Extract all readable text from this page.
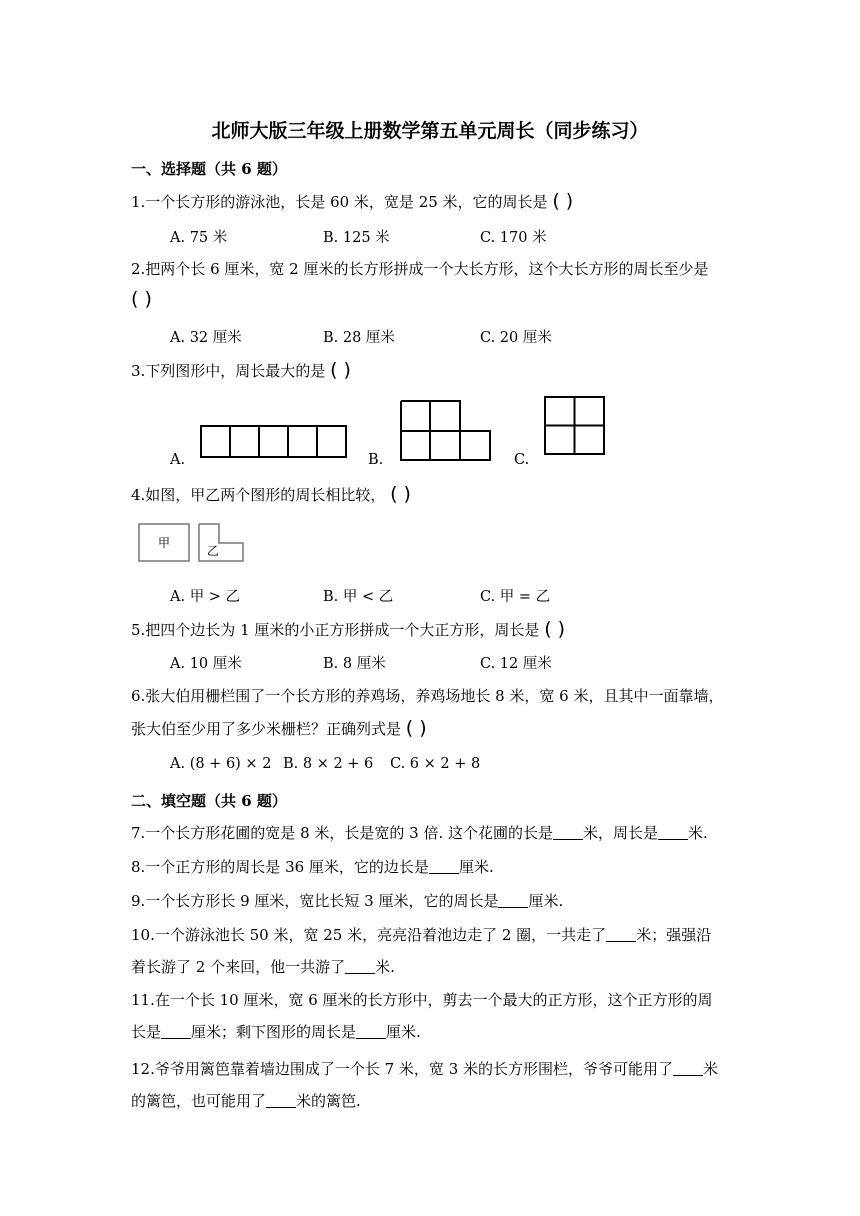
北师大版三年级上册数学第五单元周长（同步练习）
一、选择题（共 6 题）
1.一个长方形的游泳池，长是 60 米，宽是 25 米，它的周长是 ( )
A. 75 米	B. 125 米	C. 170 米
2.把两个长 6 厘米，宽 2 厘米的长方形拼成一个大长方形，这个大长方形的周长至少是
( )
A. 32 厘米	B. 28 厘米	C. 20 厘米
3.下列图形中，周长最大的是 ( )
A.	B.	C.
4.如图，甲乙两个图形的周长相比较， ( )
甲
乙
A. 甲 > 乙	B. 甲 < 乙	C. 甲 = 乙
5.把四个边长为 1 厘米的小正方形拼成一个大正方形，周长是 ( )
A. 10 厘米	B. 8 厘米	C. 12 厘米
6.张大伯用栅栏围了一个长方形的养鸡场，养鸡场地长 8 米，宽 6 米，且其中一面靠墙，
张大伯至少用了多少米栅栏？正确列式是 ( )
A. (8 + 6) × 2 B. 8 × 2 + 6 C. 6 × 2 + 8
二、填空题（共 6 题）
7.一个长方形花圃的宽是 8 米，长是宽的 3 倍. 这个花圃的长是 米，周长是 米.
8.一个正方形的周长是 36 厘米，它的边长是 厘米.
9.一个长方形长 9 厘米，宽比长短 3 厘米，它的周长是 厘米.
10.一个游泳池长 50 米，宽 25 米，亮亮沿着池边走了 2 圈，一共走了 米；强强沿
着长游了 2 个来回，他一共游了 米.
11.在一个长 10 厘米，宽 6 厘米的长方形中，剪去一个最大的正方形，这个正方形的周
长是 厘米；剩下图形的周长是 厘米.
12.爷爷用篱笆靠着墙边围成了一个长 7 米，宽 3 米的长方形围栏，爷爷可能用了 米
的篱笆，也可能用了 米的篱笆.
